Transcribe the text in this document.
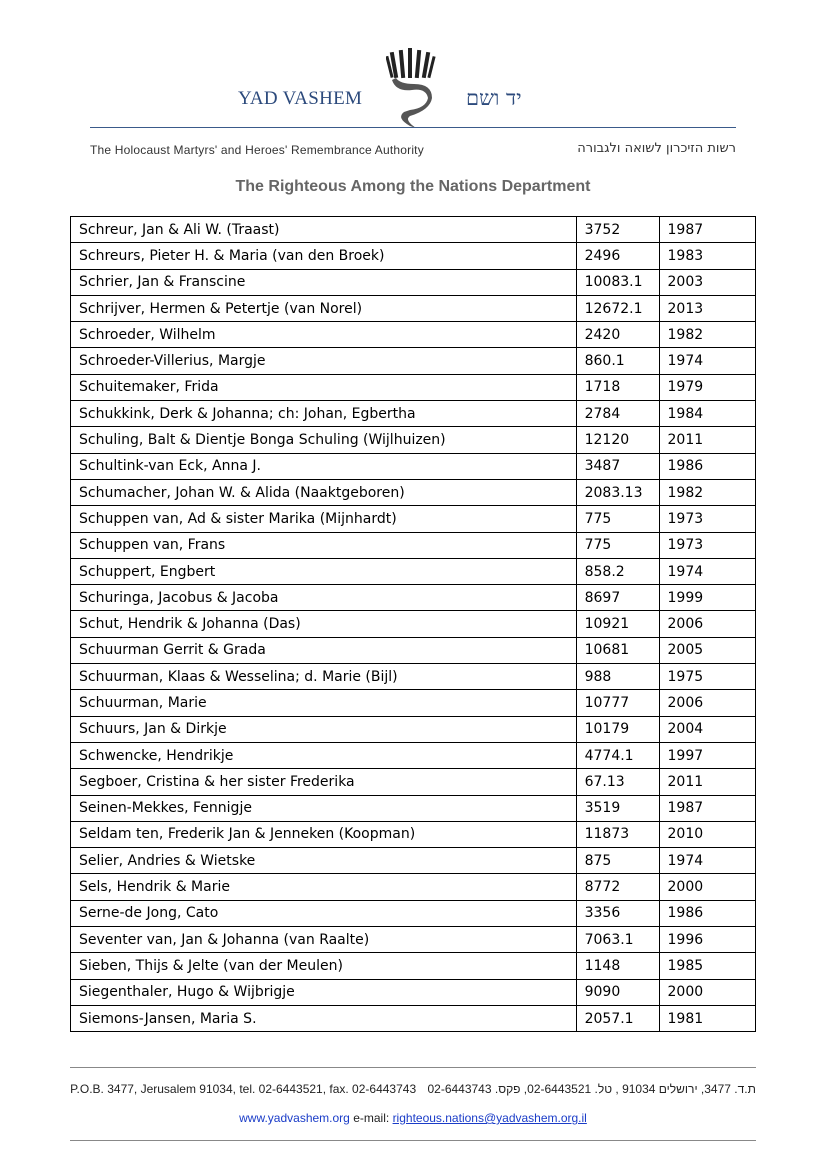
YAD VASHEM	יד ושם
The Holocaust Martyrs' and Heroes' Remembrance Authority	רשות הזיכרון לשואה ולגבורה
The Righteous Among the Nations Department
Schreur, Jan & Ali W. (Traast)	3752	1987
Schreurs, Pieter H. & Maria (van den Broek)	2496	1983
Schrier, Jan & Franscine	10083.1	2003
Schrijver, Hermen & Petertje (van Norel)	12672.1	2013
Schroeder, Wilhelm	2420	1982
Schroeder-Villerius, Margje	860.1	1974
Schuitemaker, Frida	1718	1979
Schukkink, Derk & Johanna; ch: Johan, Egbertha	2784	1984
Schuling, Balt & Dientje Bonga Schuling (Wijlhuizen)	12120	2011
Schultink-van Eck, Anna J.	3487	1986
Schumacher, Johan W. & Alida (Naaktgeboren)	2083.13	1982
Schuppen van, Ad & sister Marika (Mijnhardt)	775	1973
Schuppen van, Frans	775	1973
Schuppert, Engbert	858.2	1974
Schuringa, Jacobus & Jacoba	8697	1999
Schut, Hendrik & Johanna (Das)	10921	2006
Schuurman Gerrit & Grada	10681	2005
Schuurman, Klaas & Wesselina; d. Marie (Bijl)	988	1975
Schuurman, Marie	10777	2006
Schuurs, Jan & Dirkje	10179	2004
Schwencke, Hendrikje	4774.1	1997
Segboer, Cristina & her sister Frederika	67.13	2011
Seinen-Mekkes, Fennigje	3519	1987
Seldam ten, Frederik Jan & Jenneken (Koopman)	11873	2010
Selier, Andries & Wietske	875	1974
Sels, Hendrik & Marie	8772	2000
Serne-de Jong, Cato	3356	1986
Seventer van, Jan & Johanna (van Raalte)	7063.1	1996
Sieben, Thijs & Jelte (van der Meulen)	1148	1985
Siegenthaler, Hugo & Wijbrigje	9090	2000
Siemons-Jansen, Maria S.	2057.1	1981
P.O.B. 3477, Jerusalem 91034, tel. 02-6443521, fax. 02-6443743 ת.ד. 3477, ירושלים 91034 , טל. 02-6443521, פקס. 02-6443743
www.yadvashem.org e-mail: righteous.nations@yadvashem.org.il
